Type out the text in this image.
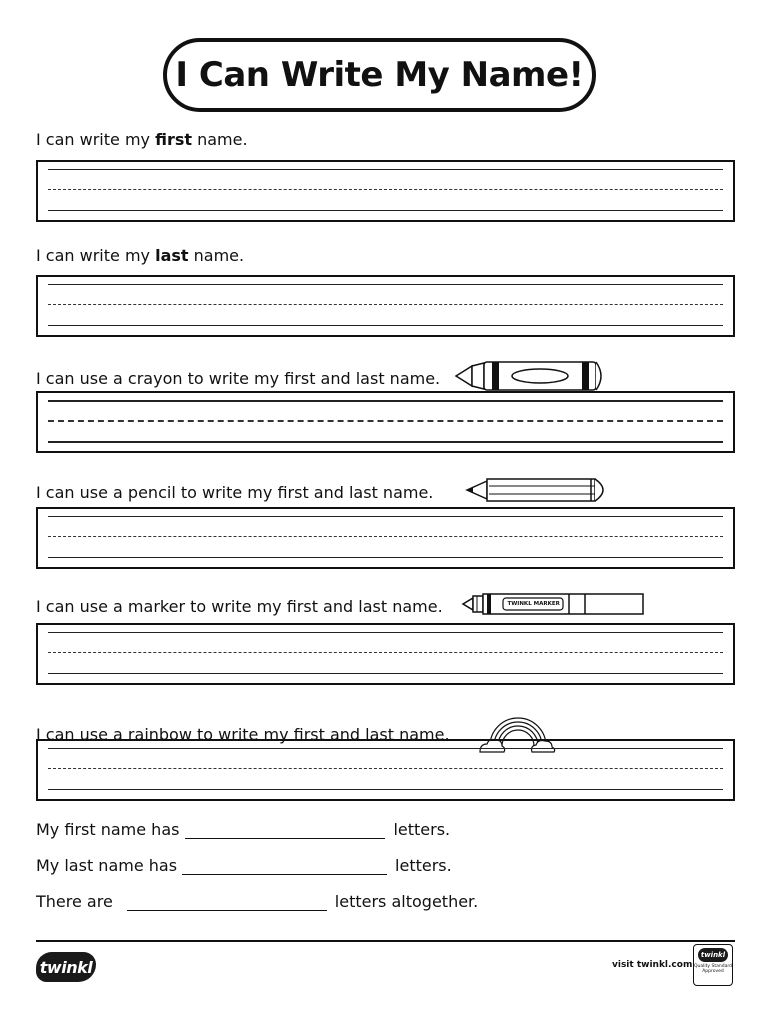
I Can Write My Name!
I can write my first name.
I can write my last name.
I can use a crayon to write my first and last name.
I can use a pencil to write my first and last name.
I can use a marker to write my first and last name.	TWINKL MARKER
I can use a rainbow to write my first and last name.
My first name has	letters.
My last name has	letters.
There are	letters altogether.
twinkl	visit twinkl.com
twinkl
Quality Standard Approved
